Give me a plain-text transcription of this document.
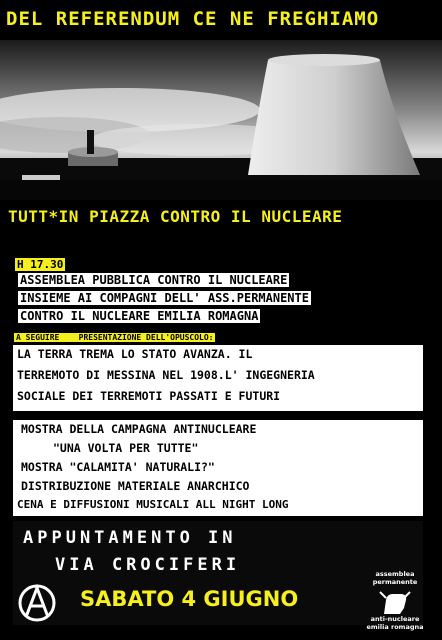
DEL REFERENDUM CE NE FREGHIAMO
TUTT*IN PIAZZA CONTRO IL NUCLEARE
H 17.30
ASSEMBLEA PUBBLICA CONTRO IL NUCLEARE
INSIEME AI COMPAGNI DELL' ASS.PERMANENTE
CONTRO IL NUCLEARE EMILIA ROMAGNA
A SEGUIRE PRESENTAZIONE DELL'OPUSCOLO:
LA TERRA TREMA LO STATO AVANZA. IL
TERREMOTO DI MESSINA NEL 1908.L' INGEGNERIA
SOCIALE DEI TERREMOTI PASSATI E FUTURI
MOSTRA DELLA CAMPAGNA ANTINUCLEARE
"UNA VOLTA PER TUTTE"
MOSTRA "CALAMITA' NATURALI?"
DISTRIBUZIONE MATERIALE ANARCHICO
CENA E DIFFUSIONI MUSICALI ALL NIGHT LONG
APPUNTAMENTO IN
VIA CROCIFERI
SABATO 4 GIUGNO
assemblea
permanente
anti-nucleare
emilia romagna
